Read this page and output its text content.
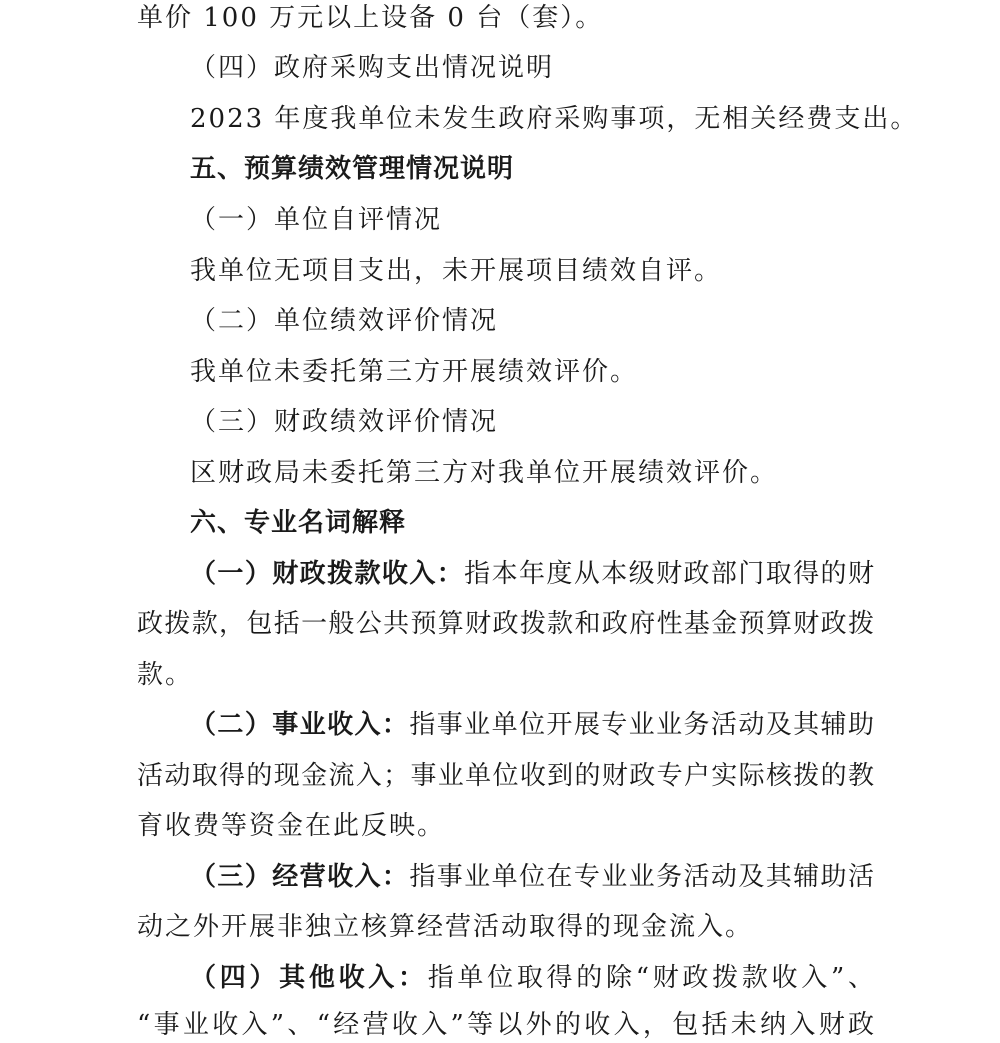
单价 100 万元以上设备 0 台（套）。
（四）政府采购支出情况说明
2023 年度我单位未发生政府采购事项，无相关经费支出。
五、预算绩效管理情况说明
（一）单位自评情况
我单位无项目支出，未开展项目绩效自评。
（二）单位绩效评价情况
我单位未委托第三方开展绩效评价。
（三）财政绩效评价情况
区财政局未委托第三方对我单位开展绩效评价。
六、专业名词解释
（一）财政拨款收入：指本年度从本级财政部门取得的财
政拨款，包括一般公共预算财政拨款和政府性基金预算财政拨
款。
（二）事业收入：指事业单位开展专业业务活动及其辅助
活动取得的现金流入；事业单位收到的财政专户实际核拨的教
育收费等资金在此反映。
（三）经营收入：指事业单位在专业业务活动及其辅助活
动之外开展非独立核算经营活动取得的现金流入。
（四）其他收入：指单位取得的除“财政拨款收入”、
“事业收入”、“经营收入”等以外的收入，包括未纳入财政
